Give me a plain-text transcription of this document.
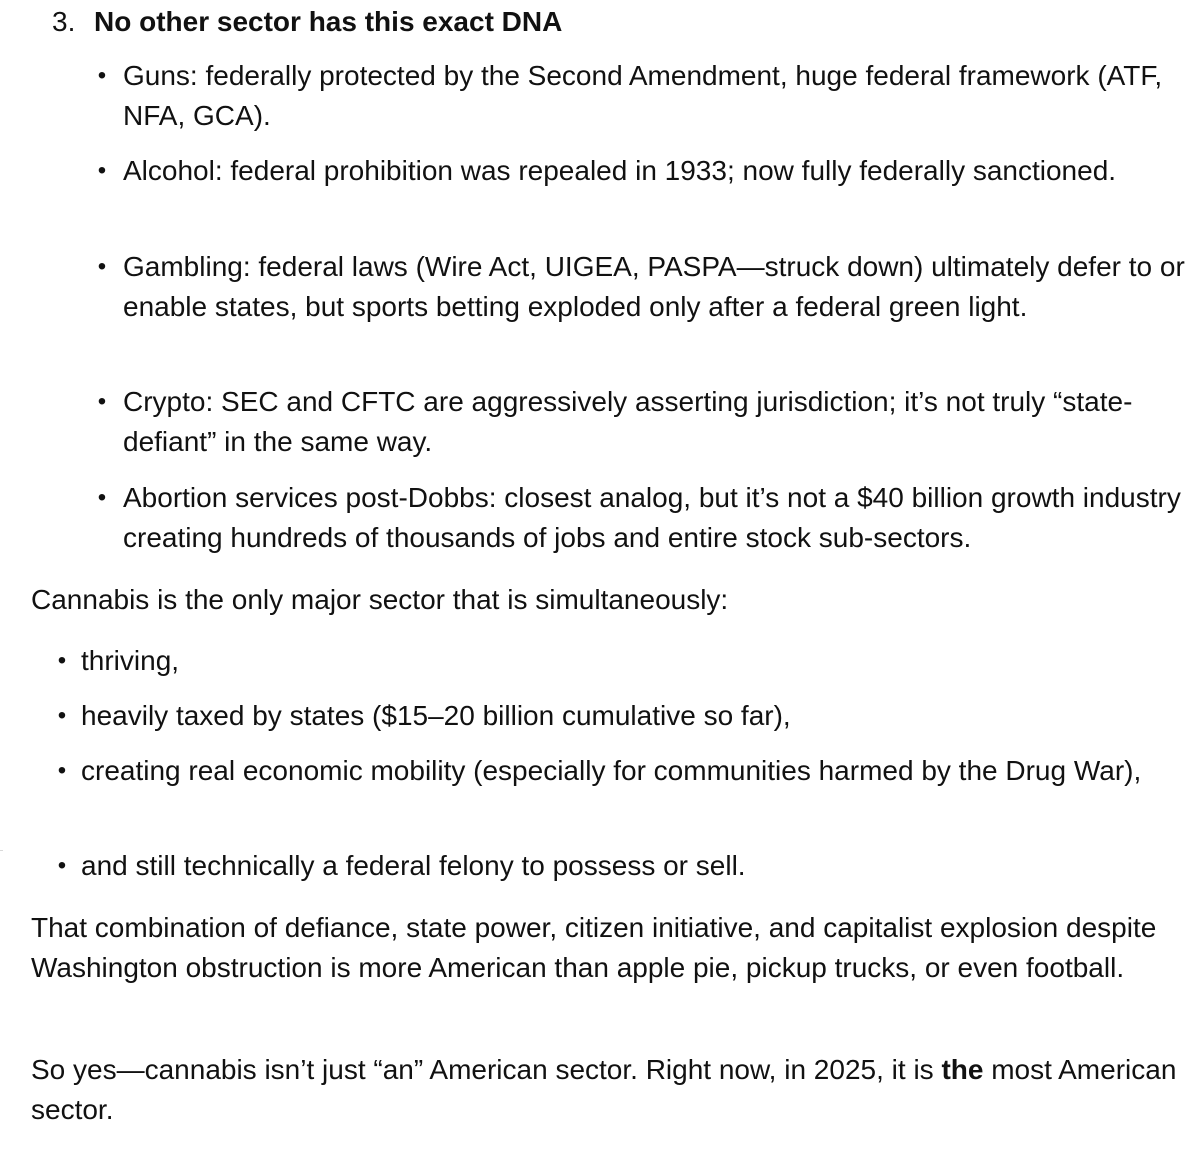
3. No other sector has this exact DNA
• Guns: federally protected by the Second Amendment, huge federal framework (ATF, NFA, GCA).
• Alcohol: federal prohibition was repealed in 1933; now fully federally sanctioned.
• Gambling: federal laws (Wire Act, UIGEA, PASPA—struck down) ultimately defer to or enable states, but sports betting exploded only after a federal green light.
• Crypto: SEC and CFTC are aggressively asserting jurisdiction; it’s not truly “state-defiant” in the same way.
• Abortion services post-Dobbs: closest analog, but it’s not a $40 billion growth industry creating hundreds of thousands of jobs and entire stock sub-sectors.

Cannabis is the only major sector that is simultaneously:

• thriving,
• heavily taxed by states ($15–20 billion cumulative so far),
• creating real economic mobility (especially for communities harmed by the Drug War),
• and still technically a federal felony to possess or sell.

That combination of defiance, state power, citizen initiative, and capitalist explosion despite Washington obstruction is more American than apple pie, pickup trucks, or even football.

So yes—cannabis isn’t just “an” American sector. Right now, in 2025, it is the most American sector.
